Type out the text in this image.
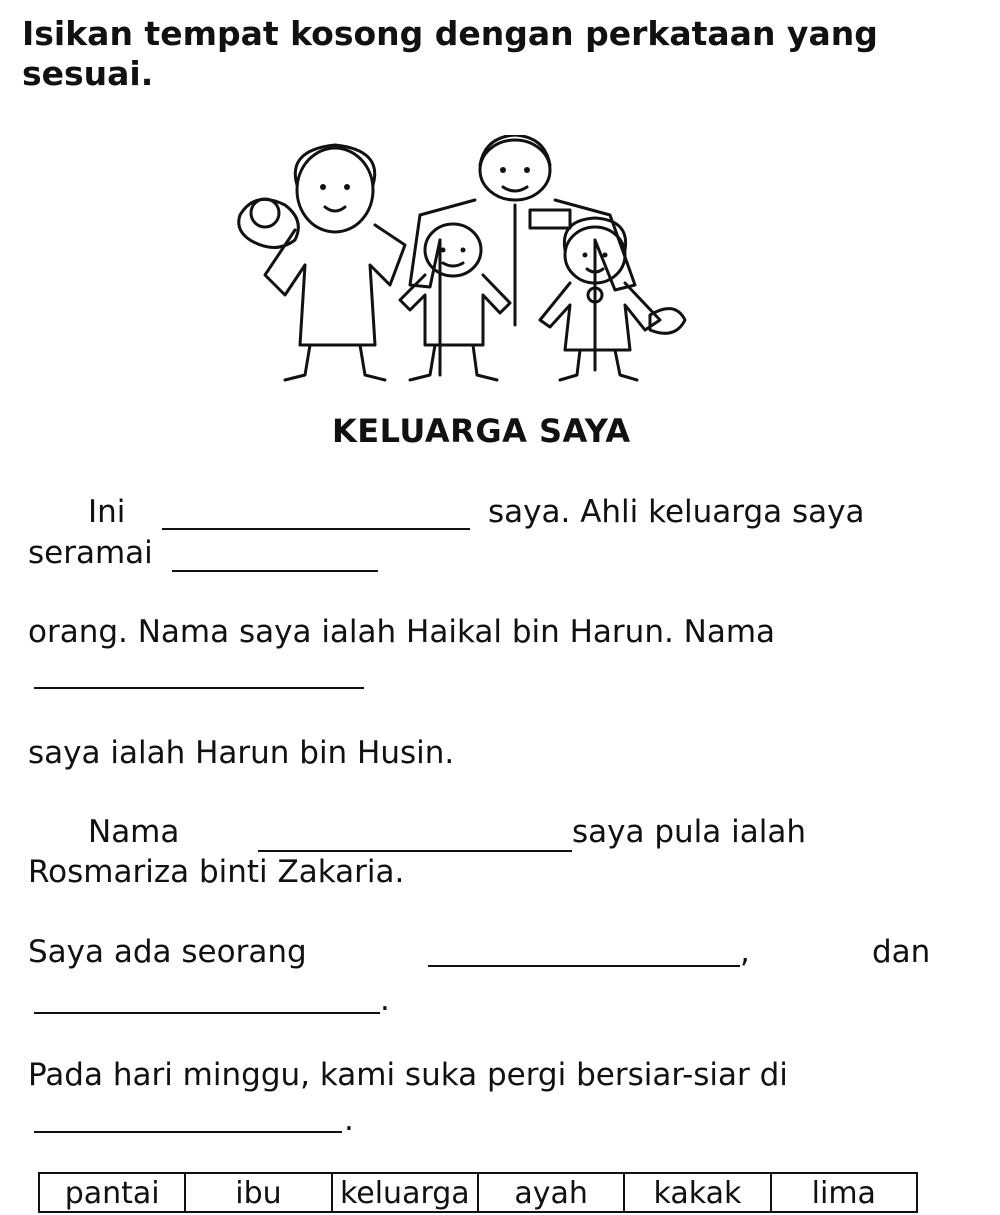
Isikan tempat kosong dengan perkataan yang
sesuai.
KELUARGA SAYA
Ini	saya. Ahli keluarga saya
seramai
orang. Nama saya ialah Haikal bin Harun. Nama
saya ialah Harun bin Husin.
Nama	saya pula ialah
Rosmariza binti Zakaria.
Saya ada seorang	,	dan
.
Pada hari minggu, kami suka pergi bersiar-siar di
.
pantai	ibu	keluarga	ayah	kakak	lima
